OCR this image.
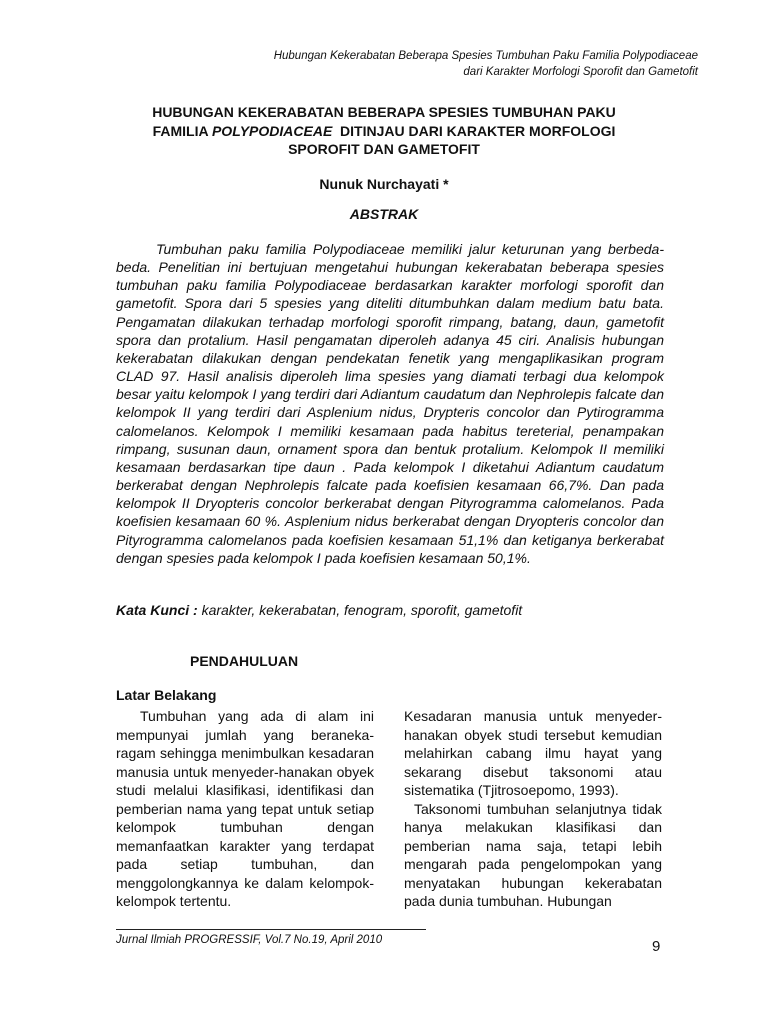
Hubungan Kekerabatan Beberapa Spesies Tumbuhan Paku Familia Polypodiaceae
dari Karakter Morfologi Sporofit dan Gametofit
HUBUNGAN KEKERABATAN BEBERAPA SPESIES TUMBUHAN PAKU
FAMILIA POLYPODIACEAE  DITINJAU DARI KARAKTER MORFOLOGI
SPOROFIT DAN GAMETOFIT
Nunuk Nurchayati *
ABSTRAK

Tumbuhan paku familia Polypodiaceae memiliki jalur keturunan yang berbeda-beda. Penelitian ini bertujuan mengetahui hubungan kekerabatan beberapa spesies tumbuhan paku familia Polypodiaceae berdasarkan karakter morfologi sporofit dan gametofit. Spora dari 5 spesies yang diteliti ditumbuhkan dalam medium batu bata. Pengamatan dilakukan terhadap morfologi sporofit rimpang, batang, daun, gametofit spora dan protalium. Hasil pengamatan diperoleh adanya 45 ciri. Analisis hubungan kekerabatan dilakukan dengan pendekatan fenetik yang mengaplikasikan program CLAD 97. Hasil analisis diperoleh lima spesies yang diamati terbagi dua kelompok besar yaitu kelompok I yang terdiri dari Adiantum caudatum dan Nephrolepis falcate dan kelompok II yang terdiri dari Asplenium nidus, Drypteris concolor dan Pytirogramma calomelanos. Kelompok I memiliki kesamaan pada habitus tereterial, penampakan rimpang, susunan daun, ornament spora dan bentuk protalium. Kelompok II memiliki kesamaan berdasarkan tipe daun . Pada kelompok I diketahui Adiantum caudatum berkerabat dengan Nephrolepis falcate pada koefisien kesamaan 66,7%. Dan pada kelompok II Dryopteris concolor berkerabat dengan Pityrogramma calomelanos. Pada koefisien kesamaan 60 %. Asplenium nidus berkerabat dengan Dryopteris concolor dan Pityrogramma calomelanos pada koefisien kesamaan 51,1% dan ketiganya berkerabat dengan spesies pada kelompok I pada koefisien kesamaan 50,1%.

Kata Kunci : karakter, kekerabatan, fenogram, sporofit, gametofit
PENDAHULUAN
Latar Belakang

Tumbuhan yang ada di alam ini mempunyai jumlah yang beraneka-ragam sehingga menimbulkan kesadaran manusia untuk menyeder-hanakan obyek studi melalui klasifikasi, identifikasi dan pemberian nama yang tepat untuk setiap kelompok tumbuhan dengan memanfaatkan karakter yang terdapat pada setiap tumbuhan, dan menggolongkannya ke dalam kelompok-kelompok tertentu.

Kesadaran manusia untuk menyeder-hanakan obyek studi tersebut kemudian melahirkan cabang ilmu hayat yang sekarang disebut taksonomi atau sistematika (Tjitrosoepomo, 1993).

Taksonomi tumbuhan selanjutnya tidak hanya melakukan klasifikasi dan pemberian nama saja, tetapi lebih mengarah pada pengelompokan yang menyatakan hubungan kekerabatan pada dunia tumbuhan. Hubungan

Jurnal Ilmiah PROGRESSIF, Vol.7 No.19, April 2010	9
